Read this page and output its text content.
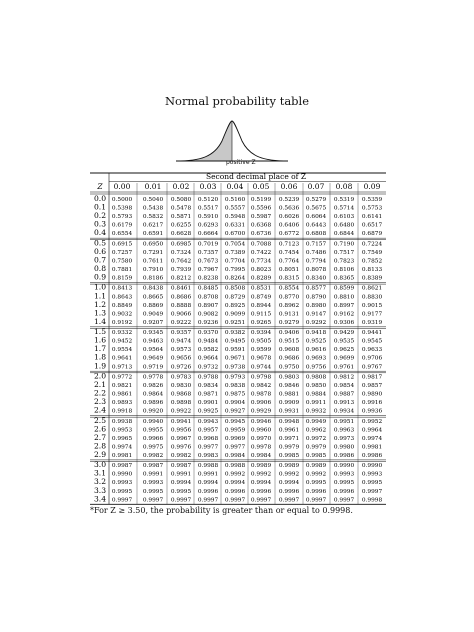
Normal probability table
positive Z
Second decimal place of Z
Z 0.00 0.01 0.02 0.03 0.04 0.05 0.06 0.07 0.08 0.09
0.0
0.1
0.2
0.3
0.4
0.5
0.6
0.7
0.8
0.9
1.0
1.1
1.2
1.3
1.4
1.5
1.6
1.7
1.8
1.9
2.0
2.1
2.2
2.3
2.4
2.5
2.6
2.7
2.8
2.9
3.0
3.1
3.2
3.3
3.4
0.5000 0.5040 0.5080 0.5120 0.5160 0.5199 0.5239 0.5279 0.5319 0.5359
0.5398 0.5438 0.5478 0.5517 0.5557 0.5596 0.5636 0.5675 0.5714 0.5753
0.5793 0.5832 0.5871 0.5910 0.5948 0.5987 0.6026 0.6064 0.6103 0.6141
0.6179 0.6217 0.6255 0.6293 0.6331 0.6368 0.6406 0.6443 0.6480 0.6517
0.6554 0.6591 0.6628 0.6664 0.6700 0.6736 0.6772 0.6808 0.6844 0.6879
0.6915 0.6950 0.6985 0.7019 0.7054 0.7088 0.7123 0.7157 0.7190 0.7224
0.7257 0.7291 0.7324 0.7357 0.7389 0.7422 0.7454 0.7486 0.7517 0.7549
0.7580 0.7611 0.7642 0.7673 0.7704 0.7734 0.7764 0.7794 0.7823 0.7852
0.7881 0.7910 0.7939 0.7967 0.7995 0.8023 0.8051 0.8078 0.8106 0.8133
0.8159 0.8186 0.8212 0.8238 0.8264 0.8289 0.8315 0.8340 0.8365 0.8389
0.8413 0.8438 0.8461 0.8485 0.8508 0.8531 0.8554 0.8577 0.8599 0.8621
0.8643 0.8665 0.8686 0.8708 0.8729 0.8749 0.8770 0.8790 0.8810 0.8830
0.8849 0.8869 0.8888 0.8907 0.8925 0.8944 0.8962 0.8980 0.8997 0.9015
0.9032 0.9049 0.9066 0.9082 0.9099 0.9115 0.9131 0.9147 0.9162 0.9177
0.9192 0.9207 0.9222 0.9236 0.9251 0.9265 0.9279 0.9292 0.9306 0.9319
0.9332 0.9345 0.9357 0.9370 0.9382 0.9394 0.9406 0.9418 0.9429 0.9441
0.9452 0.9463 0.9474 0.9484 0.9495 0.9505 0.9515 0.9525 0.9535 0.9545
0.9554 0.9564 0.9573 0.9582 0.9591 0.9599 0.9608 0.9616 0.9625 0.9633
0.9641 0.9649 0.9656 0.9664 0.9671 0.9678 0.9686 0.9693 0.9699 0.9706
0.9713 0.9719 0.9726 0.9732 0.9738 0.9744 0.9750 0.9756 0.9761 0.9767
0.9772 0.9778 0.9783 0.9788 0.9793 0.9798 0.9803 0.9808 0.9812 0.9817
0.9821 0.9826 0.9830 0.9834 0.9838 0.9842 0.9846 0.9850 0.9854 0.9857
0.9861 0.9864 0.9868 0.9871 0.9875 0.9878 0.9881 0.9884 0.9887 0.9890
0.9893 0.9896 0.9898 0.9901 0.9904 0.9906 0.9909 0.9911 0.9913 0.9916
0.9918 0.9920 0.9922 0.9925 0.9927 0.9929 0.9931 0.9932 0.9934 0.9936
0.9938 0.9940 0.9941 0.9943 0.9945 0.9946 0.9948 0.9949 0.9951 0.9952
0.9953 0.9955 0.9956 0.9957 0.9959 0.9960 0.9961 0.9962 0.9963 0.9964
0.9965 0.9966 0.9967 0.9968 0.9969 0.9970 0.9971 0.9972 0.9973 0.9974
0.9974 0.9975 0.9976 0.9977 0.9977 0.9978 0.9979 0.9979 0.9980 0.9981
0.9981 0.9982 0.9982 0.9983 0.9984 0.9984 0.9985 0.9985 0.9986 0.9986
0.9987 0.9987 0.9987 0.9988 0.9988 0.9989 0.9989 0.9989 0.9990 0.9990
0.9990 0.9991 0.9991 0.9991 0.9992 0.9992 0.9992 0.9992 0.9993 0.9993
0.9993 0.9993 0.9994 0.9994 0.9994 0.9994 0.9994 0.9995 0.9995 0.9995
0.9995 0.9995 0.9995 0.9996 0.9996 0.9996 0.9996 0.9996 0.9996 0.9997
0.9997 0.9997 0.9997 0.9997 0.9997 0.9997 0.9997 0.9997 0.9997 0.9998
*For Z ≥ 3.50, the probability is greater than or equal to 0.9998.
